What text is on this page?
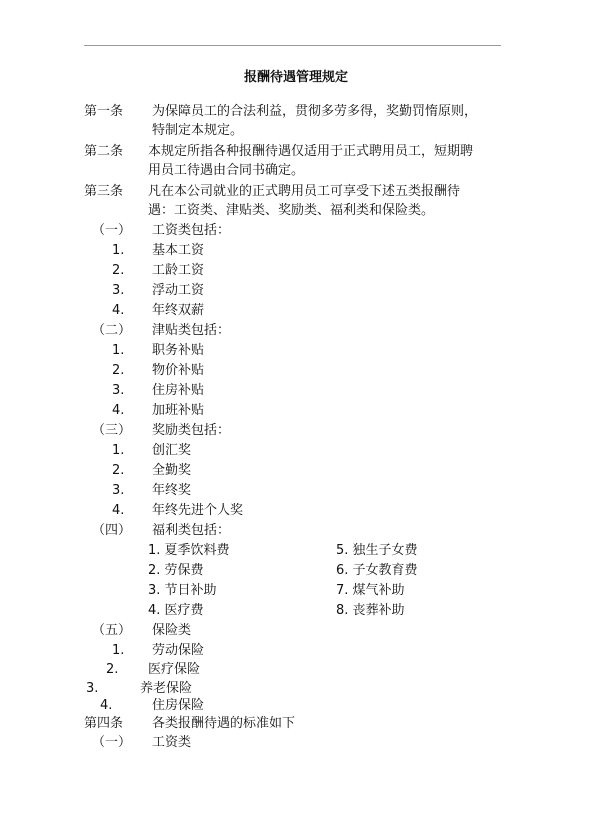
报酬待遇管理规定
第一条 为保障员工的合法利益，贯彻多劳多得，奖勤罚惰原则，
特制定本规定。
第二条 本规定所指各种报酬待遇仅适用于正式聘用员工，短期聘
用员工待遇由合同书确定。
第三条 凡在本公司就业的正式聘用员工可享受下述五类报酬待
遇：工资类、津贴类、奖励类、福利类和保险类。
（一） 工资类包括：
1. 基本工资
2. 工龄工资
3. 浮动工资
4. 年终双薪
（二） 津贴类包括：
1. 职务补贴
2. 物价补贴
3. 住房补贴
4. 加班补贴
（三） 奖励类包括：
1. 创汇奖
2. 全勤奖
3. 年终奖
4. 年终先进个人奖
（四） 福利类包括：
1. 夏季饮料费
2. 劳保费
3. 节日补助
4. 医疗费
5. 独生子女费
6. 子女教育费
7. 煤气补助
8. 丧葬补助
（五） 保险类
1. 劳动保险
2. 医疗保险
3.	养老保险
4.	住房保险
第四条 各类报酬待遇的标准如下
（一） 工资类
